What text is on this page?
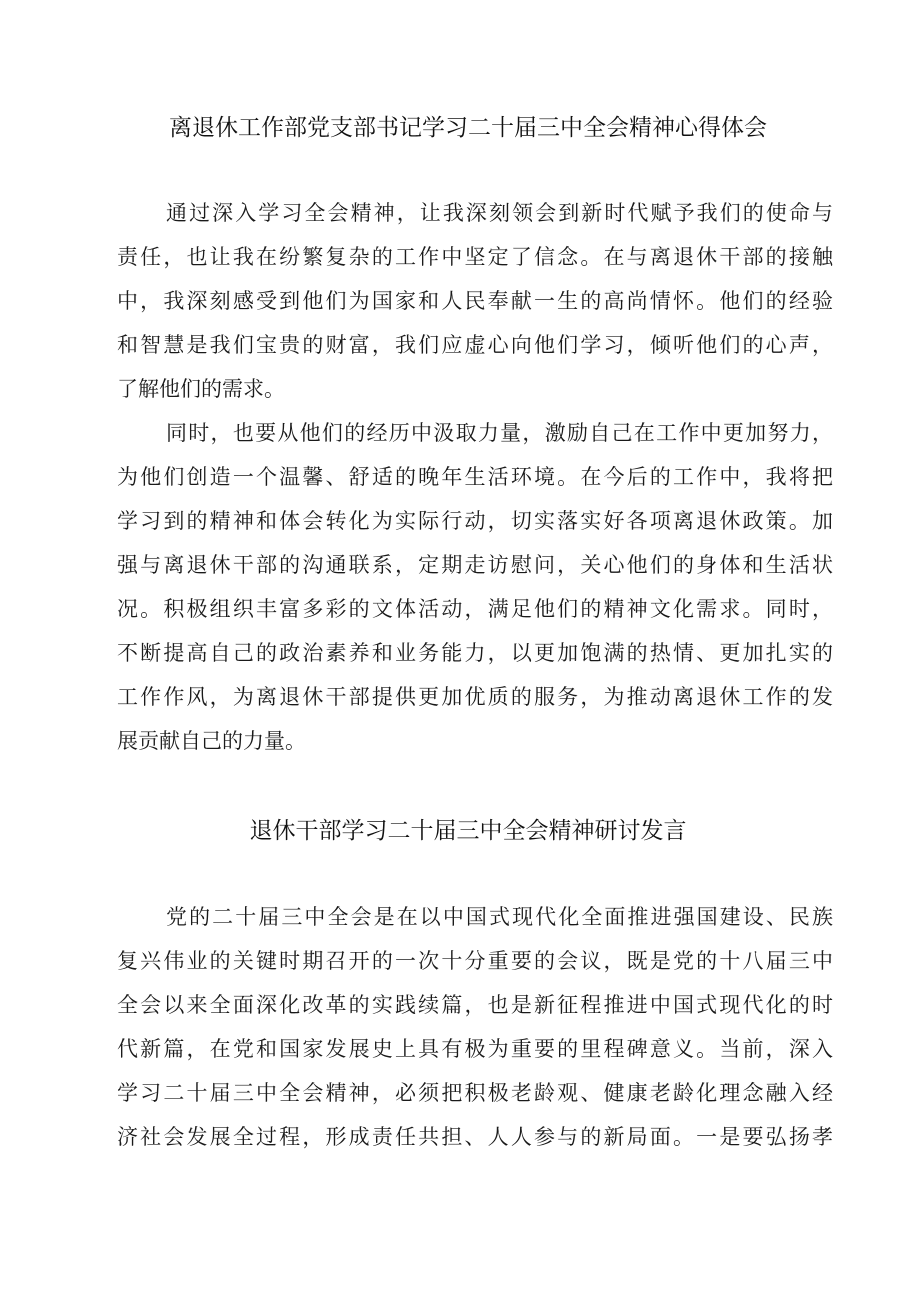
离退休工作部党支部书记学习二十届三中全会精神心得体会
通过深入学习全会精神，让我深刻领会到新时代赋予我们的使命与
责任，也让我在纷繁复杂的工作中坚定了信念。在与离退休干部的接触
中，我深刻感受到他们为国家和人民奉献一生的高尚情怀。他们的经验
和智慧是我们宝贵的财富，我们应虚心向他们学习，倾听他们的心声，
了解他们的需求。
同时，也要从他们的经历中汲取力量，激励自己在工作中更加努力，
为他们创造一个温馨、舒适的晚年生活环境。在今后的工作中，我将把
学习到的精神和体会转化为实际行动，切实落实好各项离退休政策。加
强与离退休干部的沟通联系，定期走访慰问，关心他们的身体和生活状
况。积极组织丰富多彩的文体活动，满足他们的精神文化需求。同时，
不断提高自己的政治素养和业务能力，以更加饱满的热情、更加扎实的
工作作风，为离退休干部提供更加优质的服务，为推动离退休工作的发
展贡献自己的力量。
退休干部学习二十届三中全会精神研讨发言
党的二十届三中全会是在以中国式现代化全面推进强国建设、民族
复兴伟业的关键时期召开的一次十分重要的会议，既是党的十八届三中
全会以来全面深化改革的实践续篇，也是新征程推进中国式现代化的时
代新篇，在党和国家发展史上具有极为重要的里程碑意义。当前，深入
学习二十届三中全会精神，必须把积极老龄观、健康老龄化理念融入经
济社会发展全过程，形成责任共担、人人参与的新局面。一是要弘扬孝
